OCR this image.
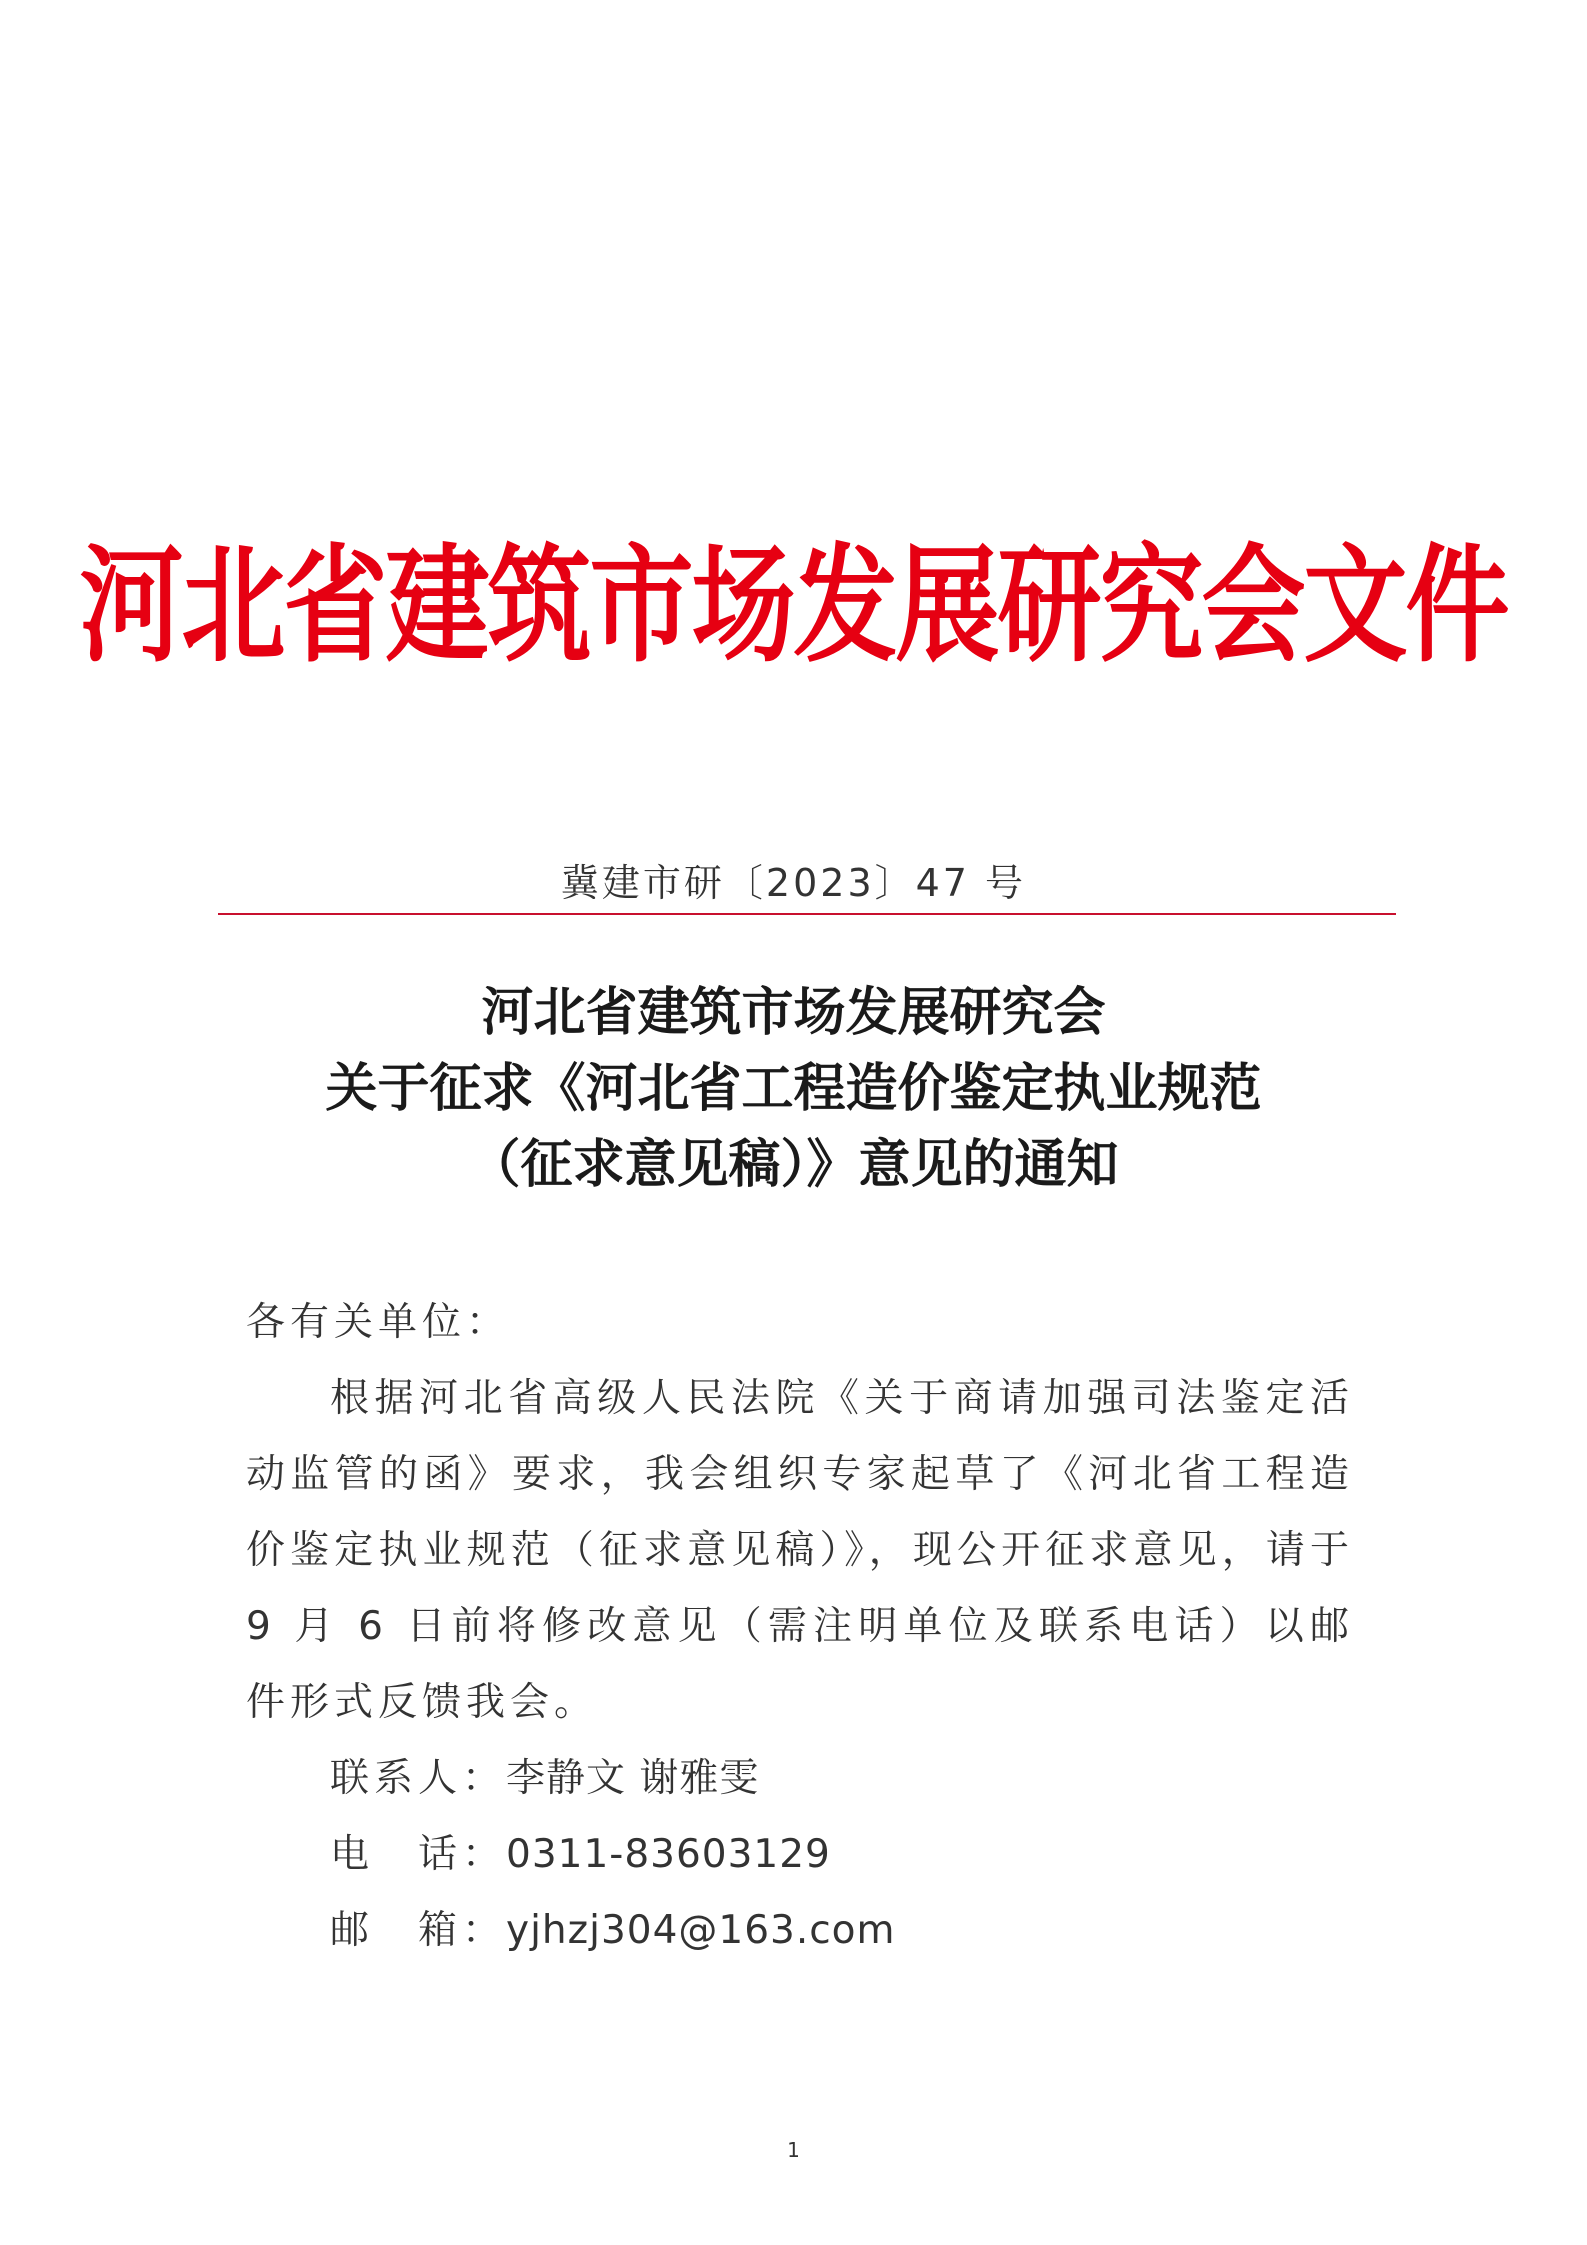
河北省建筑市场发展研究会文件
冀建市研〔2023〕47 号
河北省建筑市场发展研究会
关于征求《河北省工程造价鉴定执业规范
（征求意见稿）》意见的通知
各有关单位：
根据河北省高级人民法院《关于商请加强司法鉴定活动监管的函》要求，我会组织专家起草了《河北省工程造价鉴定执业规范（征求意见稿）》，现公开征求意见，请于 9 月 6 日前将修改意见（需注明单位及联系电话）以邮件形式反馈我会。
联系人：李静文 谢雅雯
电　话：0311-83603129
邮　箱：yjhzj304@163.com
1
